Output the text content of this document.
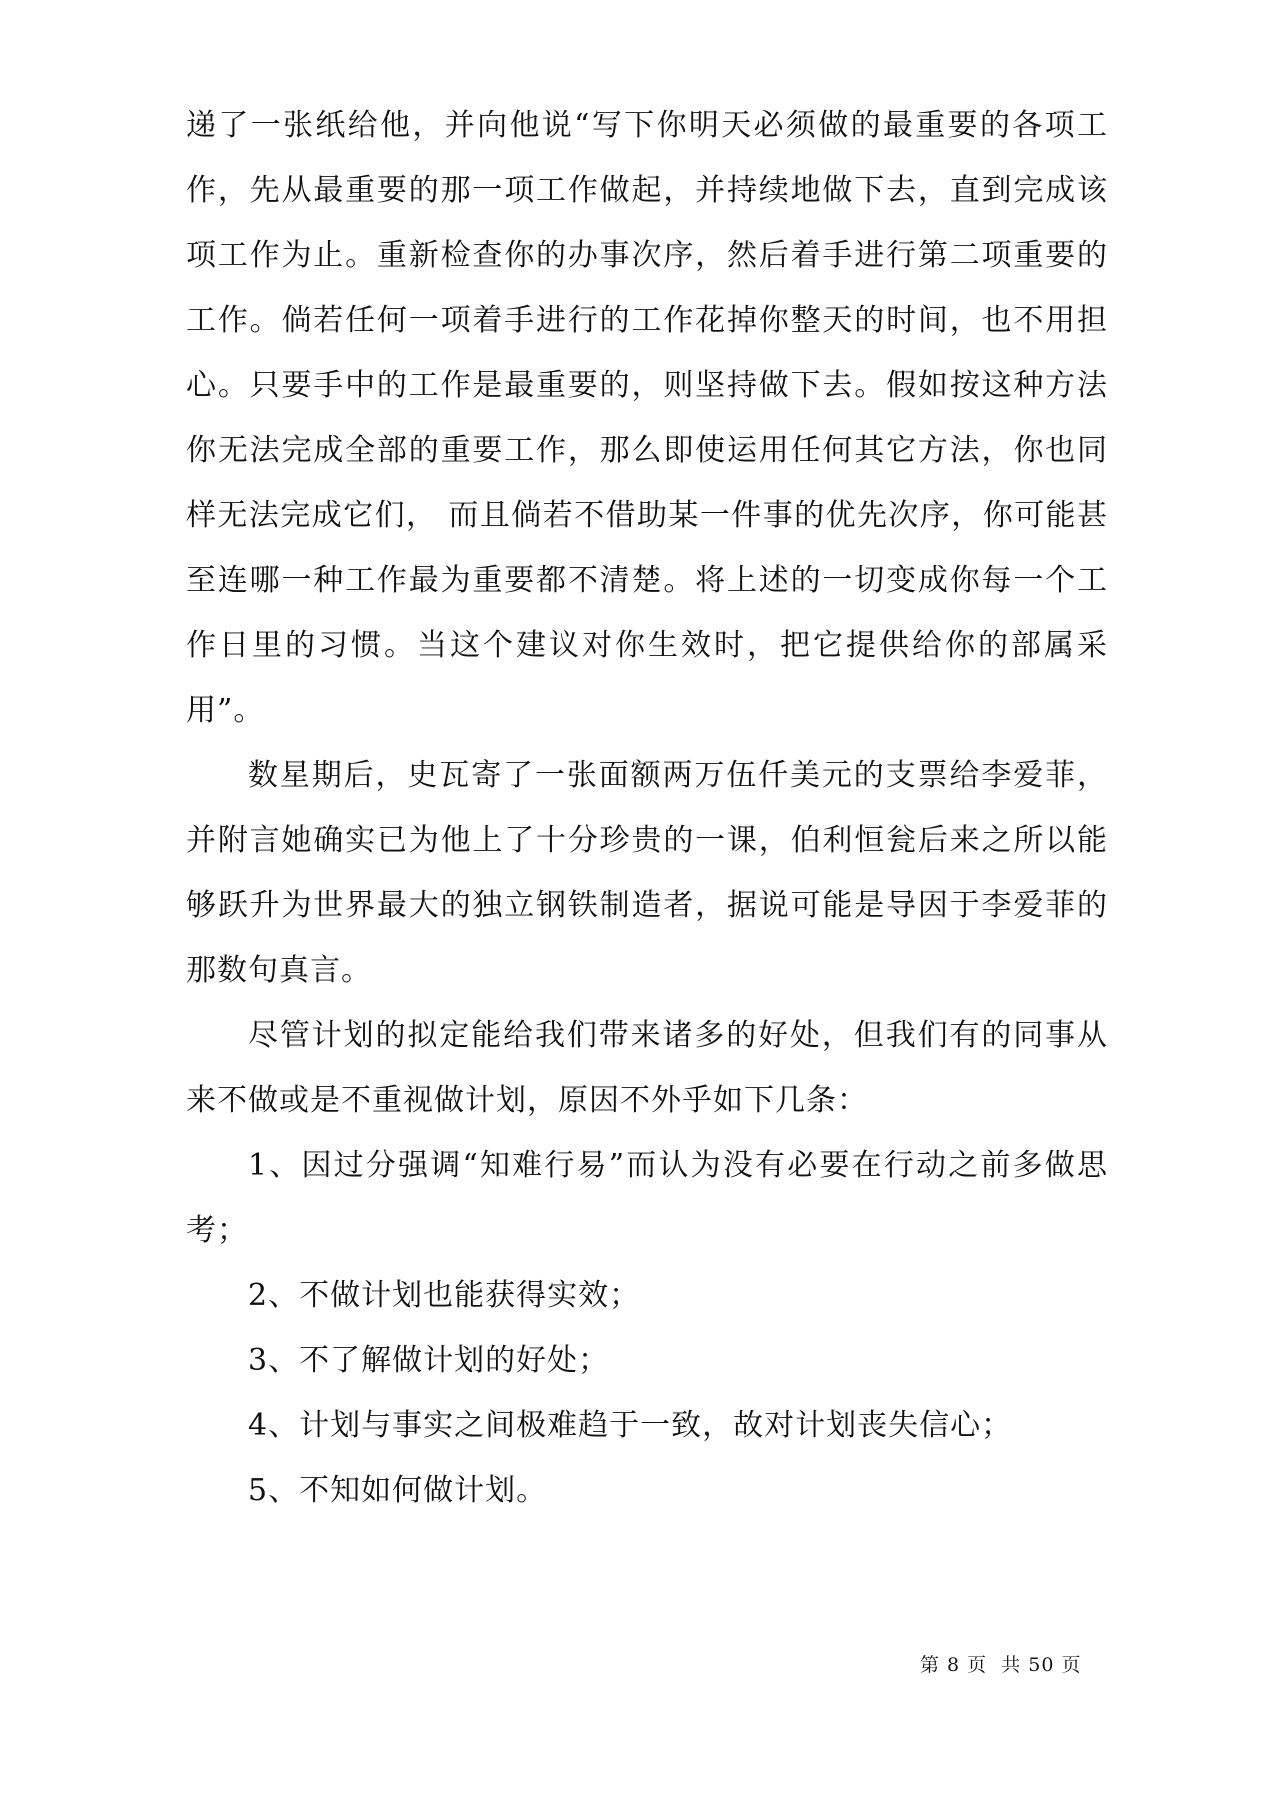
递了一张纸给他，并向他说“写下你明天必须做的最重要的各项工作，先从最重要的那一项工作做起，并持续地做下去，直到完成该项工作为止。重新检查你的办事次序，然后着手进行第二项重要的工作。倘若任何一项着手进行的工作花掉你整天的时间，也不用担心。只要手中的工作是最重要的，则坚持做下去。假如按这种方法你无法完成全部的重要工作，那么即使运用任何其它方法，你也同样无法完成它们， 而且倘若不借助某一件事的优先次序，你可能甚至连哪一种工作最为重要都不清楚。将上述的一切变成你每一个工作日里的习惯。当这个建议对你生效时，把它提供给你的部属采用”。

数星期后，史瓦寄了一张面额两万伍仟美元的支票给李爱菲，并附言她确实已为他上了十分珍贵的一课，伯利恒瓮后来之所以能够跃升为世界最大的独立钢铁制造者，据说可能是导因于李爱菲的那数句真言。

尽管计划的拟定能给我们带来诸多的好处，但我们有的同事从来不做或是不重视做计划，原因不外乎如下几条：

1、因过分强调“知难行易”而认为没有必要在行动之前多做思考；

2、不做计划也能获得实效；

3、不了解做计划的好处；

4、计划与事实之间极难趋于一致，故对计划丧失信心；

5、不知如何做计划。

第 8 页  共 50 页
